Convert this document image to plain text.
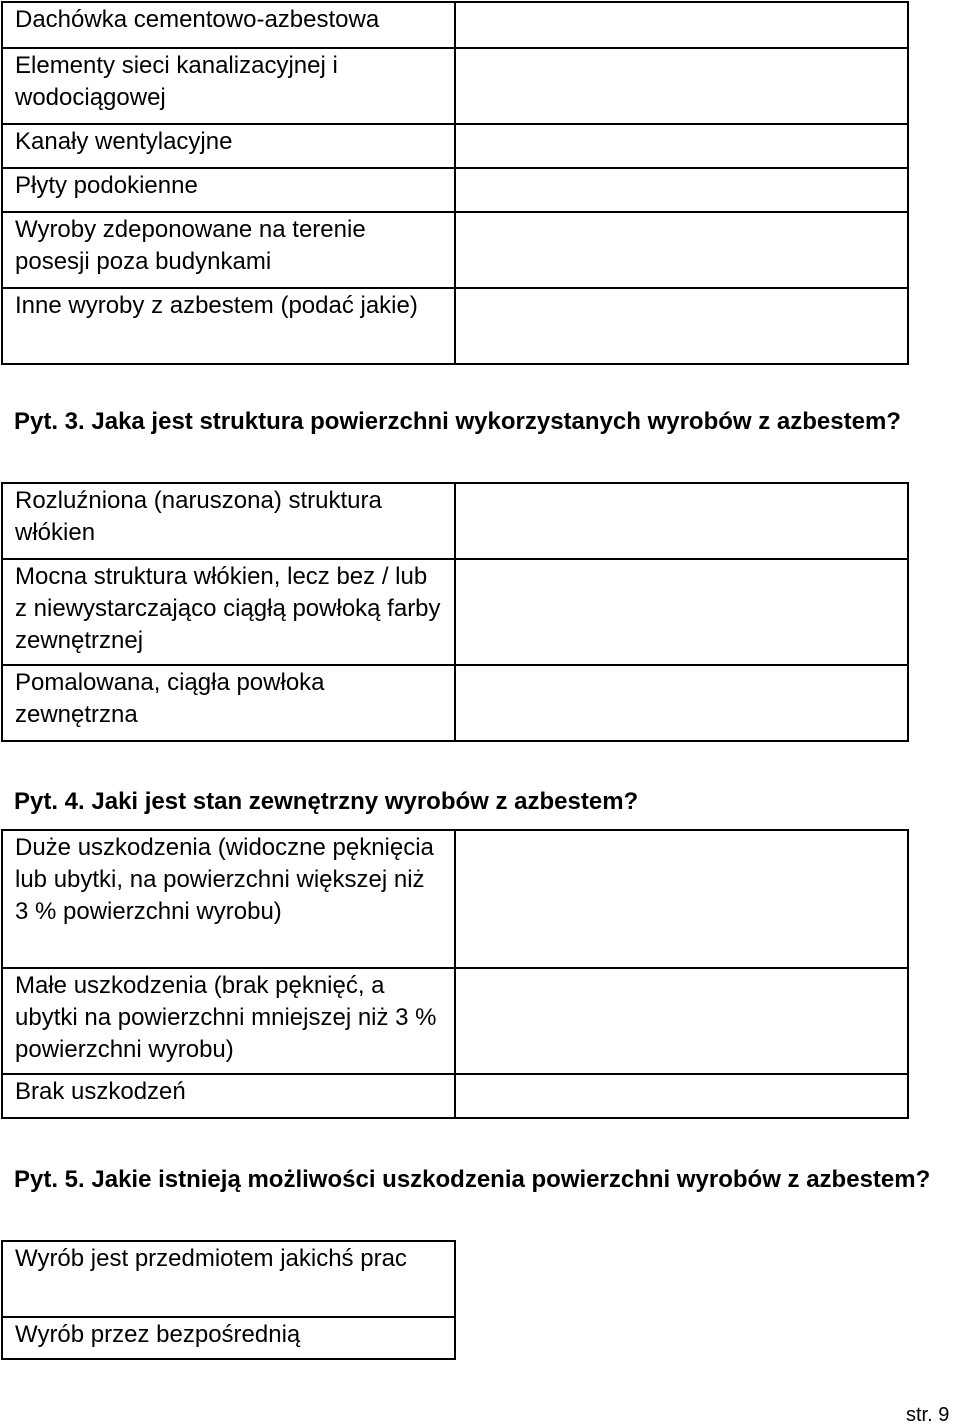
Dachówka cementowo-azbestowa	

Elementy sieci kanalizacyjnej i wodociągowej	

Kanały wentylacyjne	

Płyty podokienne	

Wyroby zdeponowane na terenie posesji poza budynkami	

Inne wyroby z azbestem (podać jakie)	

Pyt. 3. Jaka jest struktura powierzchni wykorzystanych wyrobów z azbestem?

Rozluźniona (naruszona) struktura włókien	

Mocna struktura włókien, lecz bez / lub z niewystarczająco ciągłą powłoką farby zewnętrznej	

Pomalowana, ciągła powłoka zewnętrzna	

Pyt. 4. Jaki jest stan zewnętrzny wyrobów z azbestem?

Duże uszkodzenia (widoczne pęknięcia lub ubytki, na powierzchni większej niż 3 % powierzchni wyrobu)	

Małe uszkodzenia (brak pęknięć, a ubytki na powierzchni mniejszej niż 3 % powierzchni wyrobu)	

Brak uszkodzeń	

Pyt. 5. Jakie istnieją możliwości uszkodzenia powierzchni wyrobów z azbestem?

Wyrób jest przedmiotem jakichś prac

Wyrób przez bezpośrednią
str. 9
